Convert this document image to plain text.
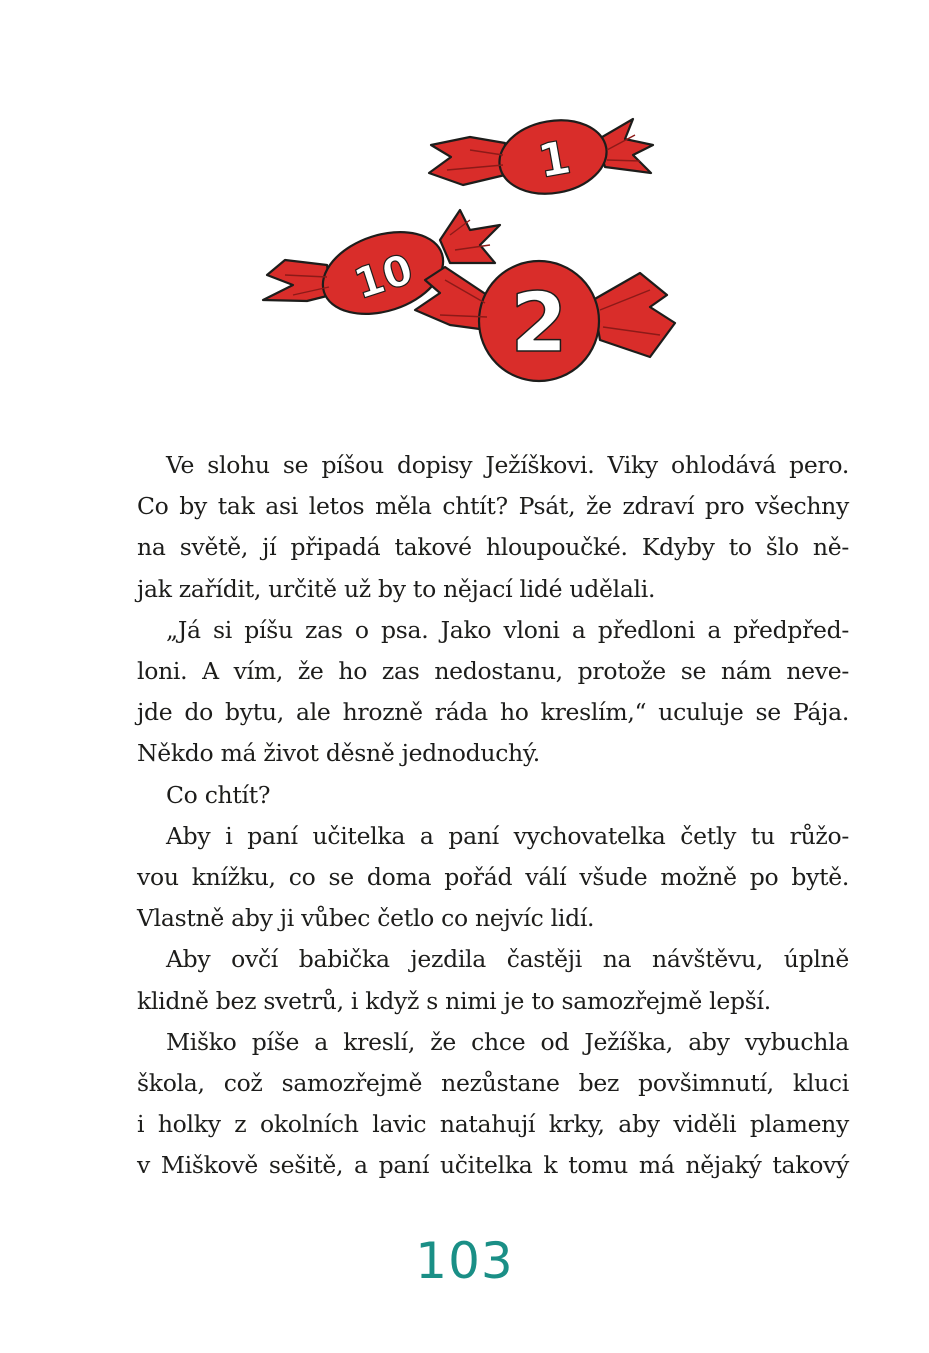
1
10 2
Ve slohu se píšou dopisy Ježíškovi. Viky ohlodává pero.
Co by tak asi letos měla chtít? Psát, že zdraví pro všechny
na světě, jí připadá takové hloupoučké. Kdyby to šlo ně-
jak zařídit, určitě už by to nějací lidé udělali.
„Já si píšu zas o psa. Jako vloni a předloni a předpřed-
loni. A vím, že ho zas nedostanu, protože se nám neve-
jde do bytu, ale hrozně ráda ho kreslím,“ uculuje se Pája.
Někdo má život děsně jednoduchý.
Co chtít?
Aby i paní učitelka a paní vychovatelka četly tu růžo-
vou knížku, co se doma pořád válí všude možně po bytě.
Vlastně aby ji vůbec četlo co nejvíc lidí.
Aby ovčí babička jezdila častěji na návštěvu, úplně
klidně bez svetrů, i když s nimi je to samozřejmě lepší.
Miško píše a kreslí, že chce od Ježíška, aby vybuchla
škola, což samozřejmě nezůstane bez povšimnutí, kluci
i holky z okolních lavic natahují krky, aby viděli plameny
v Miškově sešitě, a paní učitelka k tomu má nějaký takový
103
